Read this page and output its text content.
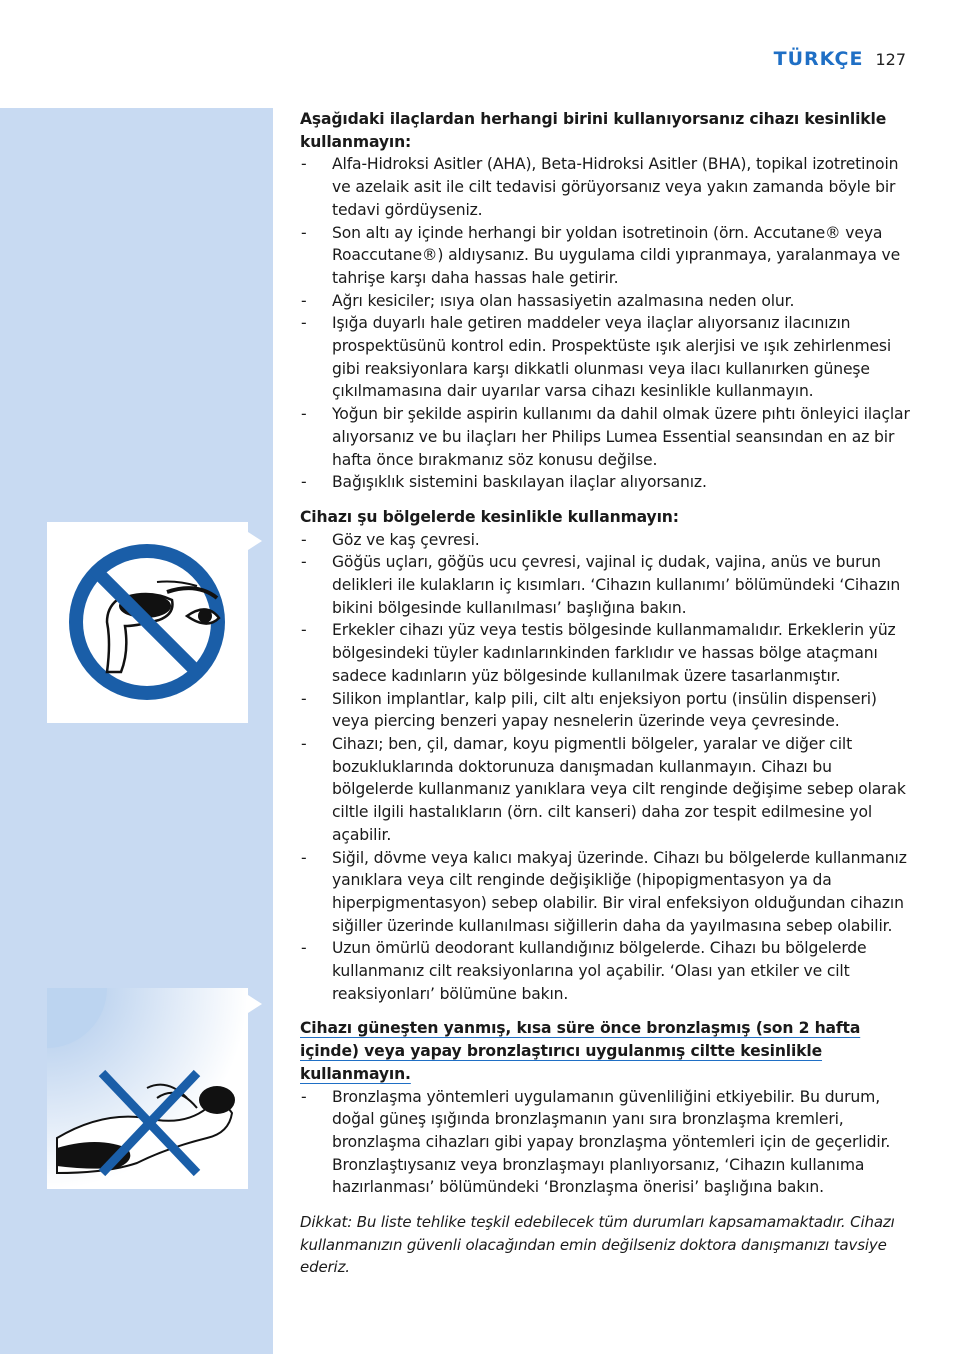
TÜRKÇE 127

Aşağıdaki ilaçlardan herhangi birini kullanıyorsanız cihazı kesinlikle kullanmayın:

- Alfa-Hidroksi Asitler (AHA), Beta-Hidroksi Asitler (BHA), topikal izotretinoin ve azelaik asit ile cilt tedavisi görüyorsanız veya yakın zamanda böyle bir tedavi gördüyseniz.
- Son altı ay içinde herhangi bir yoldan isotretinoin (örn. Accutane® veya Roaccutane®) aldıysanız. Bu uygulama cildi yıpranmaya, yaralanmaya ve tahrişe karşı daha hassas hale getirir.
- Ağrı kesiciler; ısıya olan hassasiyetin azalmasına neden olur.
- Işığa duyarlı hale getiren maddeler veya ilaçlar alıyorsanız ilacınızın prospektüsünü kontrol edin. Prospektüste ışık alerjisi ve ışık zehirlenmesi gibi reaksiyonlara karşı dikkatli olunması veya ilacı kullanırken güneşe çıkılmamasına dair uyarılar varsa cihazı kesinlikle kullanmayın.
- Yoğun bir şekilde aspirin kullanımı da dahil olmak üzere pıhtı önleyici ilaçlar alıyorsanız ve bu ilaçları her Philips Lumea Essential seansından en az bir hafta önce bırakmanız söz konusu değilse.
- Bağışıklık sistemini baskılayan ilaçlar alıyorsanız.

Cihazı şu bölgelerde kesinlikle kullanmayın:

- Göz ve kaş çevresi.
- Göğüs uçları, göğüs ucu çevresi, vajinal iç dudak, vajina, anüs ve burun delikleri ile kulakların iç kısımları. ‘Cihazın kullanımı’ bölümündeki ‘Cihazın bikini bölgesinde kullanılması’ başlığına bakın.
- Erkekler cihazı yüz veya testis bölgesinde kullanmamalıdır. Erkeklerin yüz bölgesindeki tüyler kadınlarınkinden farklıdır ve hassas bölge ataçmanı sadece kadınların yüz bölgesinde kullanılmak üzere tasarlanmıştır.
- Silikon implantlar, kalp pili, cilt altı enjeksiyon portu (insülin dispenseri) veya piercing benzeri yapay nesnelerin üzerinde veya çevresinde.
- Cihazı; ben, çil, damar, koyu pigmentli bölgeler, yaralar ve diğer cilt bozukluklarında doktorunuza danışmadan kullanmayın. Cihazı bu bölgelerde kullanmanız yanıklara veya cilt renginde değişime sebep olarak ciltle ilgili hastalıkların (örn. cilt kanseri) daha zor tespit edilmesine yol açabilir.
- Siğil, dövme veya kalıcı makyaj üzerinde. Cihazı bu bölgelerde kullanmanız yanıklara veya cilt renginde değişikliğe (hipopigmentasyon ya da hiperpigmentasyon) sebep olabilir. Bir viral enfeksiyon olduğundan cihazın siğiller üzerinde kullanılması siğillerin daha da yayılmasına sebep olabilir.
- Uzun ömürlü deodorant kullandığınız bölgelerde. Cihazı bu bölgelerde kullanmanız cilt reaksiyonlarına yol açabilir. ‘Olası yan etkiler ve cilt reaksiyonları’ bölümüne bakın.

Cihazı güneşten yanmış, kısa süre önce bronzlaşmış (son 2 hafta içinde) veya yapay bronzlaştırıcı uygulanmış ciltte kesinlikle kullanmayın.

- Bronzlaşma yöntemleri uygulamanın güvenliliğini etkiyebilir. Bu durum, doğal güneş ışığında bronzlaşmanın yanı sıra bronzlaşma kremleri, bronzlaşma cihazları gibi yapay bronzlaşma yöntemleri için de geçerlidir. Bronzlaştıysanız veya bronzlaşmayı planlıyorsanız, ‘Cihazın kullanıma hazırlanması’ bölümündeki ‘Bronzlaşma önerisi’ başlığına bakın.

Dikkat: Bu liste tehlike teşkil edebilecek tüm durumları kapsamamaktadır. Cihazı kullanmanızın güvenli olacağından emin değilseniz doktora danışmanızı tavsiye ederiz.
